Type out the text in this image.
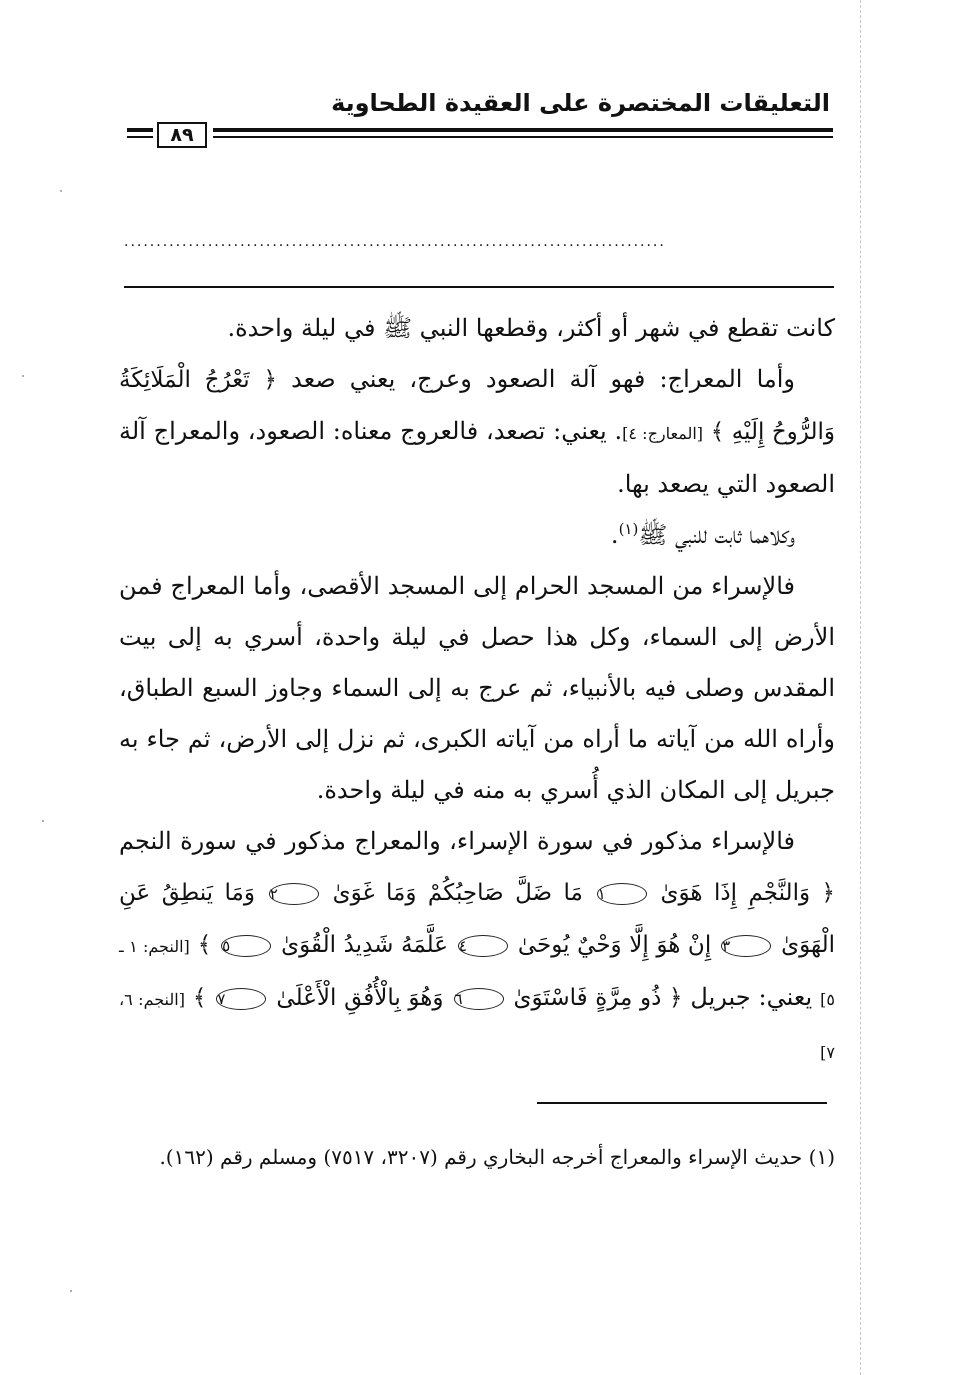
التعليقات المختصرة على العقيدة الطحاوية
٨٩
....................................................................................

كانت تقطع في شهر أو أكثر، وقطعها النبي ﷺ في ليلة واحدة.

وأما المعراج: فهو آلة الصعود وعرج، يعني صعد ﴿ تَعْرُجُ الْمَلَائِكَةُ وَالرُّوحُ إِلَيْهِ ﴾ [المعارج: ٤]. يعني: تصعد، فالعروج معناه: الصعود، والمعراج آلة الصعود التي يصعد بها.

وكلاهما ثابت للنبي ﷺ$^{(١)}$.

فالإسراء من المسجد الحرام إلى المسجد الأقصى، وأما المعراج فمن الأرض إلى السماء، وكل هذا حصل في ليلة واحدة، أسري به إلى بيت المقدس وصلى فيه بالأنبياء، ثم عرج به إلى السماء وجاوز السبع الطباق، وأراه الله من آياته ما أراه من آياته الكبرى، ثم نزل إلى الأرض، ثم جاء به جبريل إلى المكان الذي أُسري به منه في ليلة واحدة.

فالإسراء مذكور في سورة الإسراء، والمعراج مذكور في سورة النجم ﴿ وَالنَّجْمِ إِذَا هَوَىٰ ١ مَا ضَلَّ صَاحِبُكُمْ وَمَا غَوَىٰ ٢ وَمَا يَنطِقُ عَنِ الْهَوَىٰ ٣ إِنْ هُوَ إِلَّا وَحْيٌ يُوحَىٰ ٤ عَلَّمَهُ شَدِيدُ الْقُوَىٰ ٥ ﴾ [النجم: ١ ـ ٥] يعني: جبريل ﴿ ذُو مِرَّةٍ فَاسْتَوَىٰ ٦ وَهُوَ بِالْأُفُقِ الْأَعْلَىٰ ٧ ﴾ [النجم: ٦، ٧]

(١) حديث الإسراء والمعراج أخرجه البخاري رقم (٣٢٠٧، ٧٥١٧) ومسلم رقم (١٦٢).
